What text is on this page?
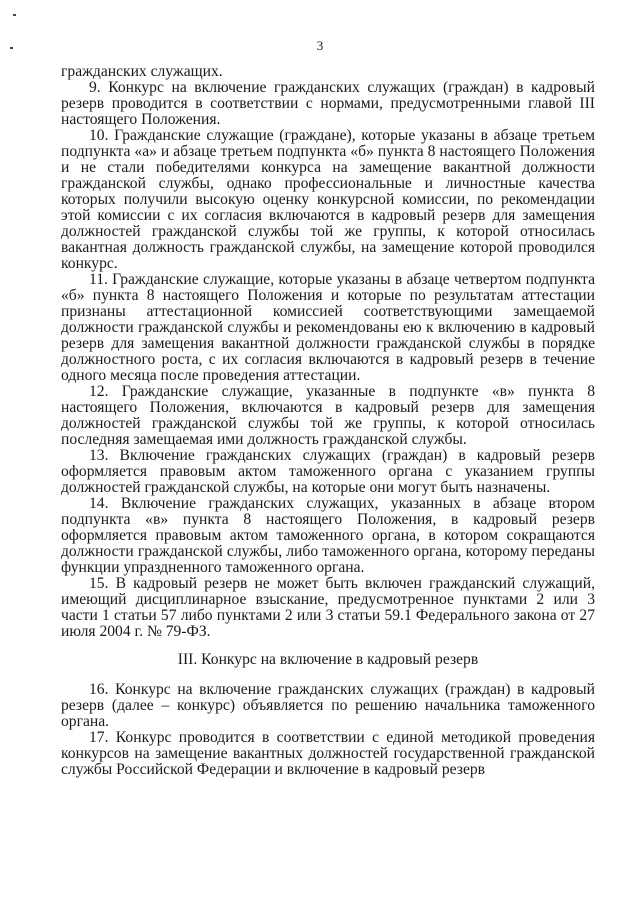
3

гражданских служащих.

9. Конкурс на включение гражданских служащих (граждан) в кадровый резерв проводится в соответствии с нормами, предусмотренными главой III настоящего Положения.

10. Гражданские служащие (граждане), которые указаны в абзаце третьем подпункта «а» и абзаце третьем подпункта «б» пункта 8 настоящего Положения и не стали победителями конкурса на замещение вакантной должности гражданской службы, однако профессиональные и личностные качества которых получили высокую оценку конкурсной комиссии, по рекомендации этой комиссии с их согласия включаются в кадровый резерв для замещения должностей гражданской службы той же группы, к которой относилась вакантная должность гражданской службы, на замещение которой проводился конкурс.

11. Гражданские служащие, которые указаны в абзаце четвертом подпункта «б» пункта 8 настоящего Положения и которые по результатам аттестации признаны аттестационной комиссией соответствующими замещаемой должности гражданской службы и рекомендованы ею к включению в кадровый резерв для замещения вакантной должности гражданской службы в порядке должностного роста, с их согласия включаются в кадровый резерв в течение одного месяца после проведения аттестации.

12. Гражданские служащие, указанные в подпункте «в» пункта 8 настоящего Положения, включаются в кадровый резерв для замещения должностей гражданской службы той же группы, к которой относилась последняя замещаемая ими должность гражданской службы.

13. Включение гражданских служащих (граждан) в кадровый резерв оформляется правовым актом таможенного органа с указанием группы должностей гражданской службы, на которые они могут быть назначены.

14. Включение гражданских служащих, указанных в абзаце втором подпункта «в» пункта 8 настоящего Положения, в кадровый резерв оформляется правовым актом таможенного органа, в котором сокращаются должности гражданской службы, либо таможенного органа, которому переданы функции упраздненного таможенного органа.

15. В кадровый резерв не может быть включен гражданский служащий, имеющий дисциплинарное взыскание, предусмотренное пунктами 2 или 3 части 1 статьи 57 либо пунктами 2 или 3 статьи 59.1 Федерального закона от 27 июля 2004 г. № 79-ФЗ.

III. Конкурс на включение в кадровый резерв

16. Конкурс на включение гражданских служащих (граждан) в кадровый резерв (далее – конкурс) объявляется по решению начальника таможенного органа.

17. Конкурс проводится в соответствии с единой методикой проведения конкурсов на замещение вакантных должностей государственной гражданской службы Российской Федерации и включение в кадровый резерв
